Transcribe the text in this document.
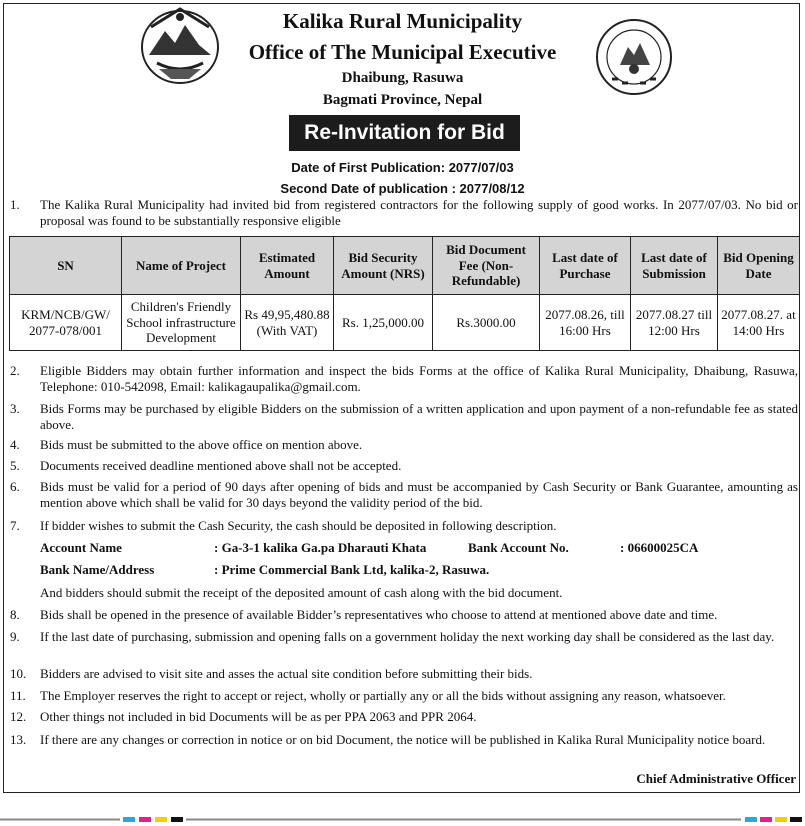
Kalika Rural Municipality
Office of The Municipal Executive
Dhaibung, Rasuwa
Bagmati Province, Nepal
Re-Invitation for Bid
Date of First Publication: 2077/07/03
Second Date of publication : 2077/08/12
1.	The Kalika Rural Municipality had invited bid from registered contractors for the following supply of good works. In 2077/07/03. No bid or proposal was found to be substantially responsive eligible
SN	Name of Project	Estimated Amount	Bid Security Amount (NRS)	Bid Document Fee (Non-Refundable)	Last date of Purchase	Last date of Submission	Bid Opening Date
KRM/NCB/GW/ 2077-078/001	Children's Friendly School infrastructure Development	Rs 49,95,480.88 (With VAT)	Rs. 1,25,000.00	Rs.3000.00	2077.08.26, till 16:00 Hrs	2077.08.27 till 12:00 Hrs	2077.08.27. at 14:00 Hrs
2.	Eligible Bidders may obtain further information and inspect the bids Forms at the office of Kalika Rural Municipality, Dhaibung, Rasuwa, Telephone: 010-542098, Email: kalikagaupalika@gmail.com.
3.	Bids Forms may be purchased by eligible Bidders on the submission of a written application and upon payment of a non-refundable fee as stated above.
4.	Bids must be submitted to the above office on mention above.
5.	Documents received deadline mentioned above shall not be accepted.
6.	Bids must be valid for a period of 90 days after opening of bids and must be accompanied by Cash Security or Bank Guarantee, amounting as mention above which shall be valid for 30 days beyond the validity period of the bid.
7.	If bidder wishes to submit the Cash Security, the cash should be deposited in following description.
Account Name	: Ga-3-1 kalika Ga.pa Dharauti Khata	Bank Account No.	: 06600025CA
Bank Name/Address	: Prime Commercial Bank Ltd, kalika-2, Rasuwa.
And bidders should submit the receipt of the deposited amount of cash along with the bid document.
8.	Bids shall be opened in the presence of available Bidder’s representatives who choose to attend at mentioned above date and time.
9.	If the last date of purchasing, submission and opening falls on a government holiday the next working day shall be considered as the last day.
10.	Bidders are advised to visit site and asses the actual site condition before submitting their bids.
11.	The Employer reserves the right to accept or reject, wholly or partially any or all the bids without assigning any reason, whatsoever.
12.	Other things not included in bid Documents will be as per PPA 2063 and PPR 2064.
13.	If there are any changes or correction in notice or on bid Document, the notice will be published in Kalika Rural Municipality notice board.
Chief Administrative Officer
